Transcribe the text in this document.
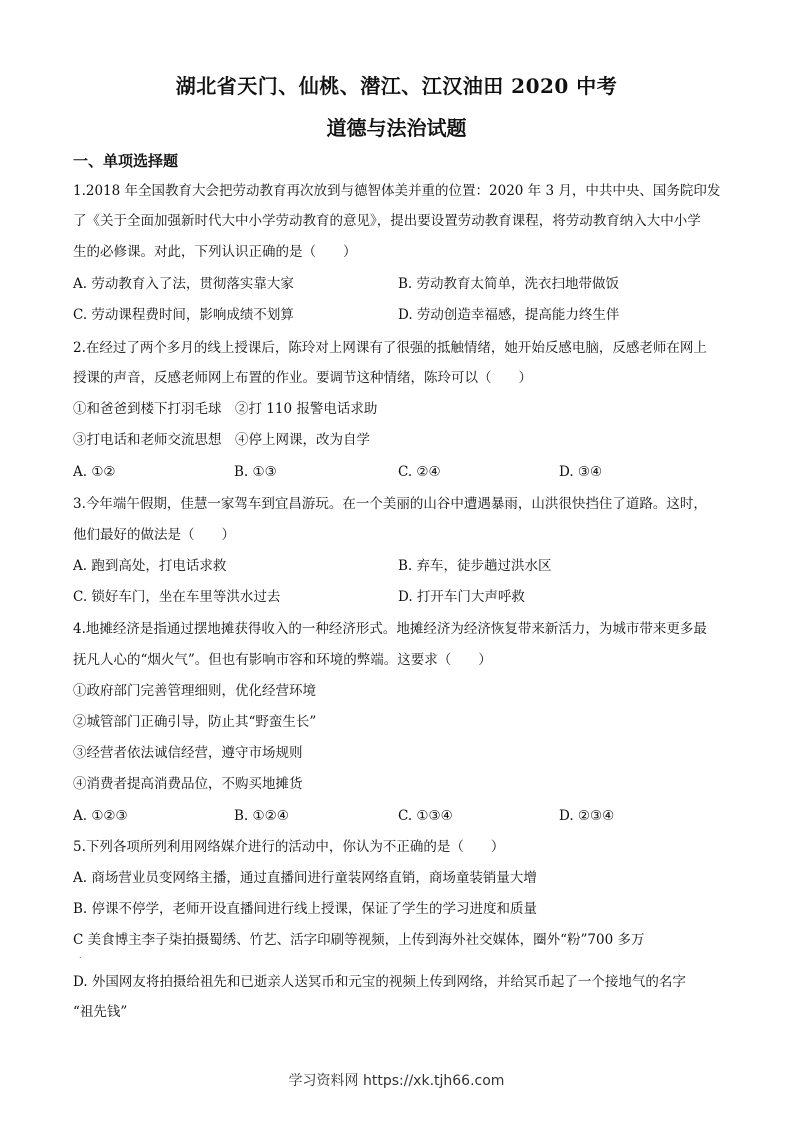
湖北省天门、仙桃、潜江、江汉油田 2020 中考
道德与法治试题
一、单项选择题
1.2018 年全国教育大会把劳动教育再次放到与德智体美并重的位置：2020 年 3 月，中共中央、国务院印发
了《关于全面加强新时代大中小学劳动教育的意见》，提出要设置劳动教育课程，将劳动教育纳入大中小学
生的必修课。对此，下列认识正确的是（　　）
A. 劳动教育入了法，贯彻落实靠大家	B. 劳动教育太简单，洗衣扫地带做饭
C. 劳动课程费时间，影响成绩不划算	D. 劳动创造幸福感，提高能力终生伴
2.在经过了两个多月的线上授课后，陈玲对上网课有了很强的抵触情绪，她开始反感电脑，反感老师在网上
授课的声音，反感老师网上布置的作业。要调节这种情绪，陈玲可以（　　）
①和爸爸到楼下打羽毛球　②打 110 报警电话求助
③打电话和老师交流思想　④停上网课，改为自学
A. ①②	B. ①③	C. ②④	D. ③④
3.今年端午假期，佳慧一家驾车到宜昌游玩。在一个美丽的山谷中遭遇暴雨，山洪很快挡住了道路。这时，
他们最好的做法是（　　）
A. 跑到高处，打电话求救	B. 弃车，徒步趟过洪水区
C. 锁好车门，坐在车里等洪水过去	D. 打开车门大声呼救
4.地摊经济是指通过摆地摊获得收入的一种经济形式。地摊经济为经济恢复带来新活力，为城市带来更多最
抚凡人心的“烟火气”。但也有影响市容和环境的弊端。这要求（　　）
①政府部门完善管理细则，优化经营环境
②城管部门正确引导，防止其“野蛮生长”
③经营者依法诚信经营，遵守市场规则
④消费者提高消费品位，不购买地摊货
A. ①②③	B. ①②④	C. ①③④	D. ②③④
5.下列各项所列利用网络媒介进行的活动中，你认为不正确的是（　　）
A. 商场营业员变网络主播，通过直播间进行童装网络直销，商场童装销量大增
B. 停课不停学，老师开设直播间进行线上授课，保证了学生的学习进度和质量
C 美食博主李子柒拍摄蜀绣、竹艺、活字印刷等视频，上传到海外社交媒体，圈外“粉”700 多万
.
D. 外国网友将拍摄给祖先和已逝亲人送冥币和元宝的视频上传到网络，并给冥币起了一个接地气的名字
“祖先钱”
学习资料网 https://xk.tjh66.com
